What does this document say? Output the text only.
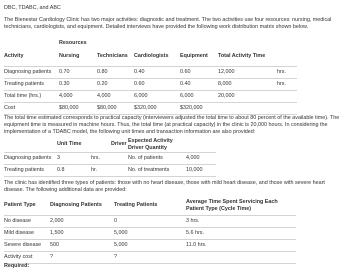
DBC, TDABC, and ABC
The Bienestar Cardiology Clinic has two major activities: diagnostic and treatment. The two activities use four resources: nursing, medical technicians, cardiologists, and equipment. Detailed interviews have provided the following work distribution matrix shown below.
Resources
Activity	Nursing	Technicians	Cardiologists	Equipment	Total Activity Time	
Diagnosing patients	0.70	0.80	0.40	0.60	12,000	hrs.
Treating patients	0.30	0.20	0.60	0.40	8,000	hrs.
Total time (hrs.)	4,000	4,000	6,000	6,000	20,000	
Cost	$80,000	$80,000	$320,000	$320,000		
The total time estimated corresponds to practical capacity (interviewers adjusted the total time to about 80 percent of the available time). The equipment time is measured in machine hours. Thus, the total time (at practical capacity) in the clinic is 20,000 hours. In considering the implementation of a TDABC model, the following unit times and transaction information are also provided:
	Unit Time		Driver	Expected Activity Driver Quantity	
Diagnosing patients	3	hrs.		No. of patients	4,000
Treating patients	0.8	hr.		No. of treatments	10,000
The clinic has identified three types of patients: those with no heart disease, those with mild heart disease, and those with severe heart disease. The following additional data are provided:
Patient Type	Diagnosing Patients	Treating Patients	Average Time Spent Servicing Each Patient Type (Cycle Time)
No disease	2,000	0	3 hrs.
Mild disease	1,500	5,000	5.6 hrs.
Severe disease	500	5,000	11.0 hrs.
Activity cost	?	?	
Required:
